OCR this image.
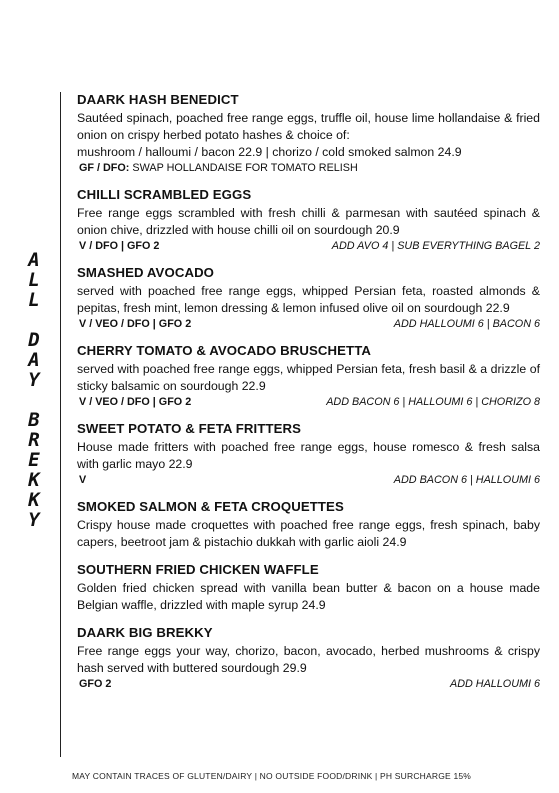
A
L
L
D
A
Y
B
R
E
K
K
Y
DAARK HASH BENEDICT

Sautéed spinach, poached free range eggs, truffle oil, house lime hollandaise & fried onion on crispy herbed potato hashes & choice of:

mushroom / halloumi / bacon 22.9 | chorizo / cold smoked salmon 24.9

GF / DFO: SWAP HOLLANDAISE FOR TOMATO RELISH
CHILLI SCRAMBLED EGGS

Free range eggs scrambled with fresh chilli & parmesan with sautéed spinach & onion chive, drizzled with house chilli oil on sourdough 20.9

V / DFO | GFO 2	ADD AVO 4 | SUB EVERYTHING BAGEL 2
SMASHED AVOCADO

served with poached free range eggs, whipped Persian feta, roasted almonds & pepitas, fresh mint, lemon dressing & lemon infused olive oil on sourdough 22.9

V / VEO / DFO | GFO 2	ADD HALLOUMI 6 | BACON 6
CHERRY TOMATO & AVOCADO BRUSCHETTA

served with poached free range eggs, whipped Persian feta, fresh basil & a drizzle of sticky balsamic on sourdough 22.9

V / VEO / DFO | GFO 2	ADD BACON 6 | HALLOUMI 6 | CHORIZO 8
SWEET POTATO & FETA FRITTERS

House made fritters with poached free range eggs, house romesco & fresh salsa with garlic mayo 22.9

V	ADD BACON 6 | HALLOUMI 6
SMOKED SALMON & FETA CROQUETTES

Crispy house made croquettes with poached free range eggs, fresh spinach, baby capers, beetroot jam & pistachio dukkah with garlic aioli 24.9

SOUTHERN FRIED CHICKEN WAFFLE

Golden fried chicken spread with vanilla bean butter & bacon on a house made Belgian waffle, drizzled with maple syrup 24.9

DAARK BIG BREKKY

Free range eggs your way, chorizo, bacon, avocado, herbed mushrooms & crispy hash served with buttered sourdough 29.9

GFO 2	ADD HALLOUMI 6
MAY CONTAIN TRACES OF GLUTEN/DAIRY | NO OUTSIDE FOOD/DRINK | PH SURCHARGE 15%
